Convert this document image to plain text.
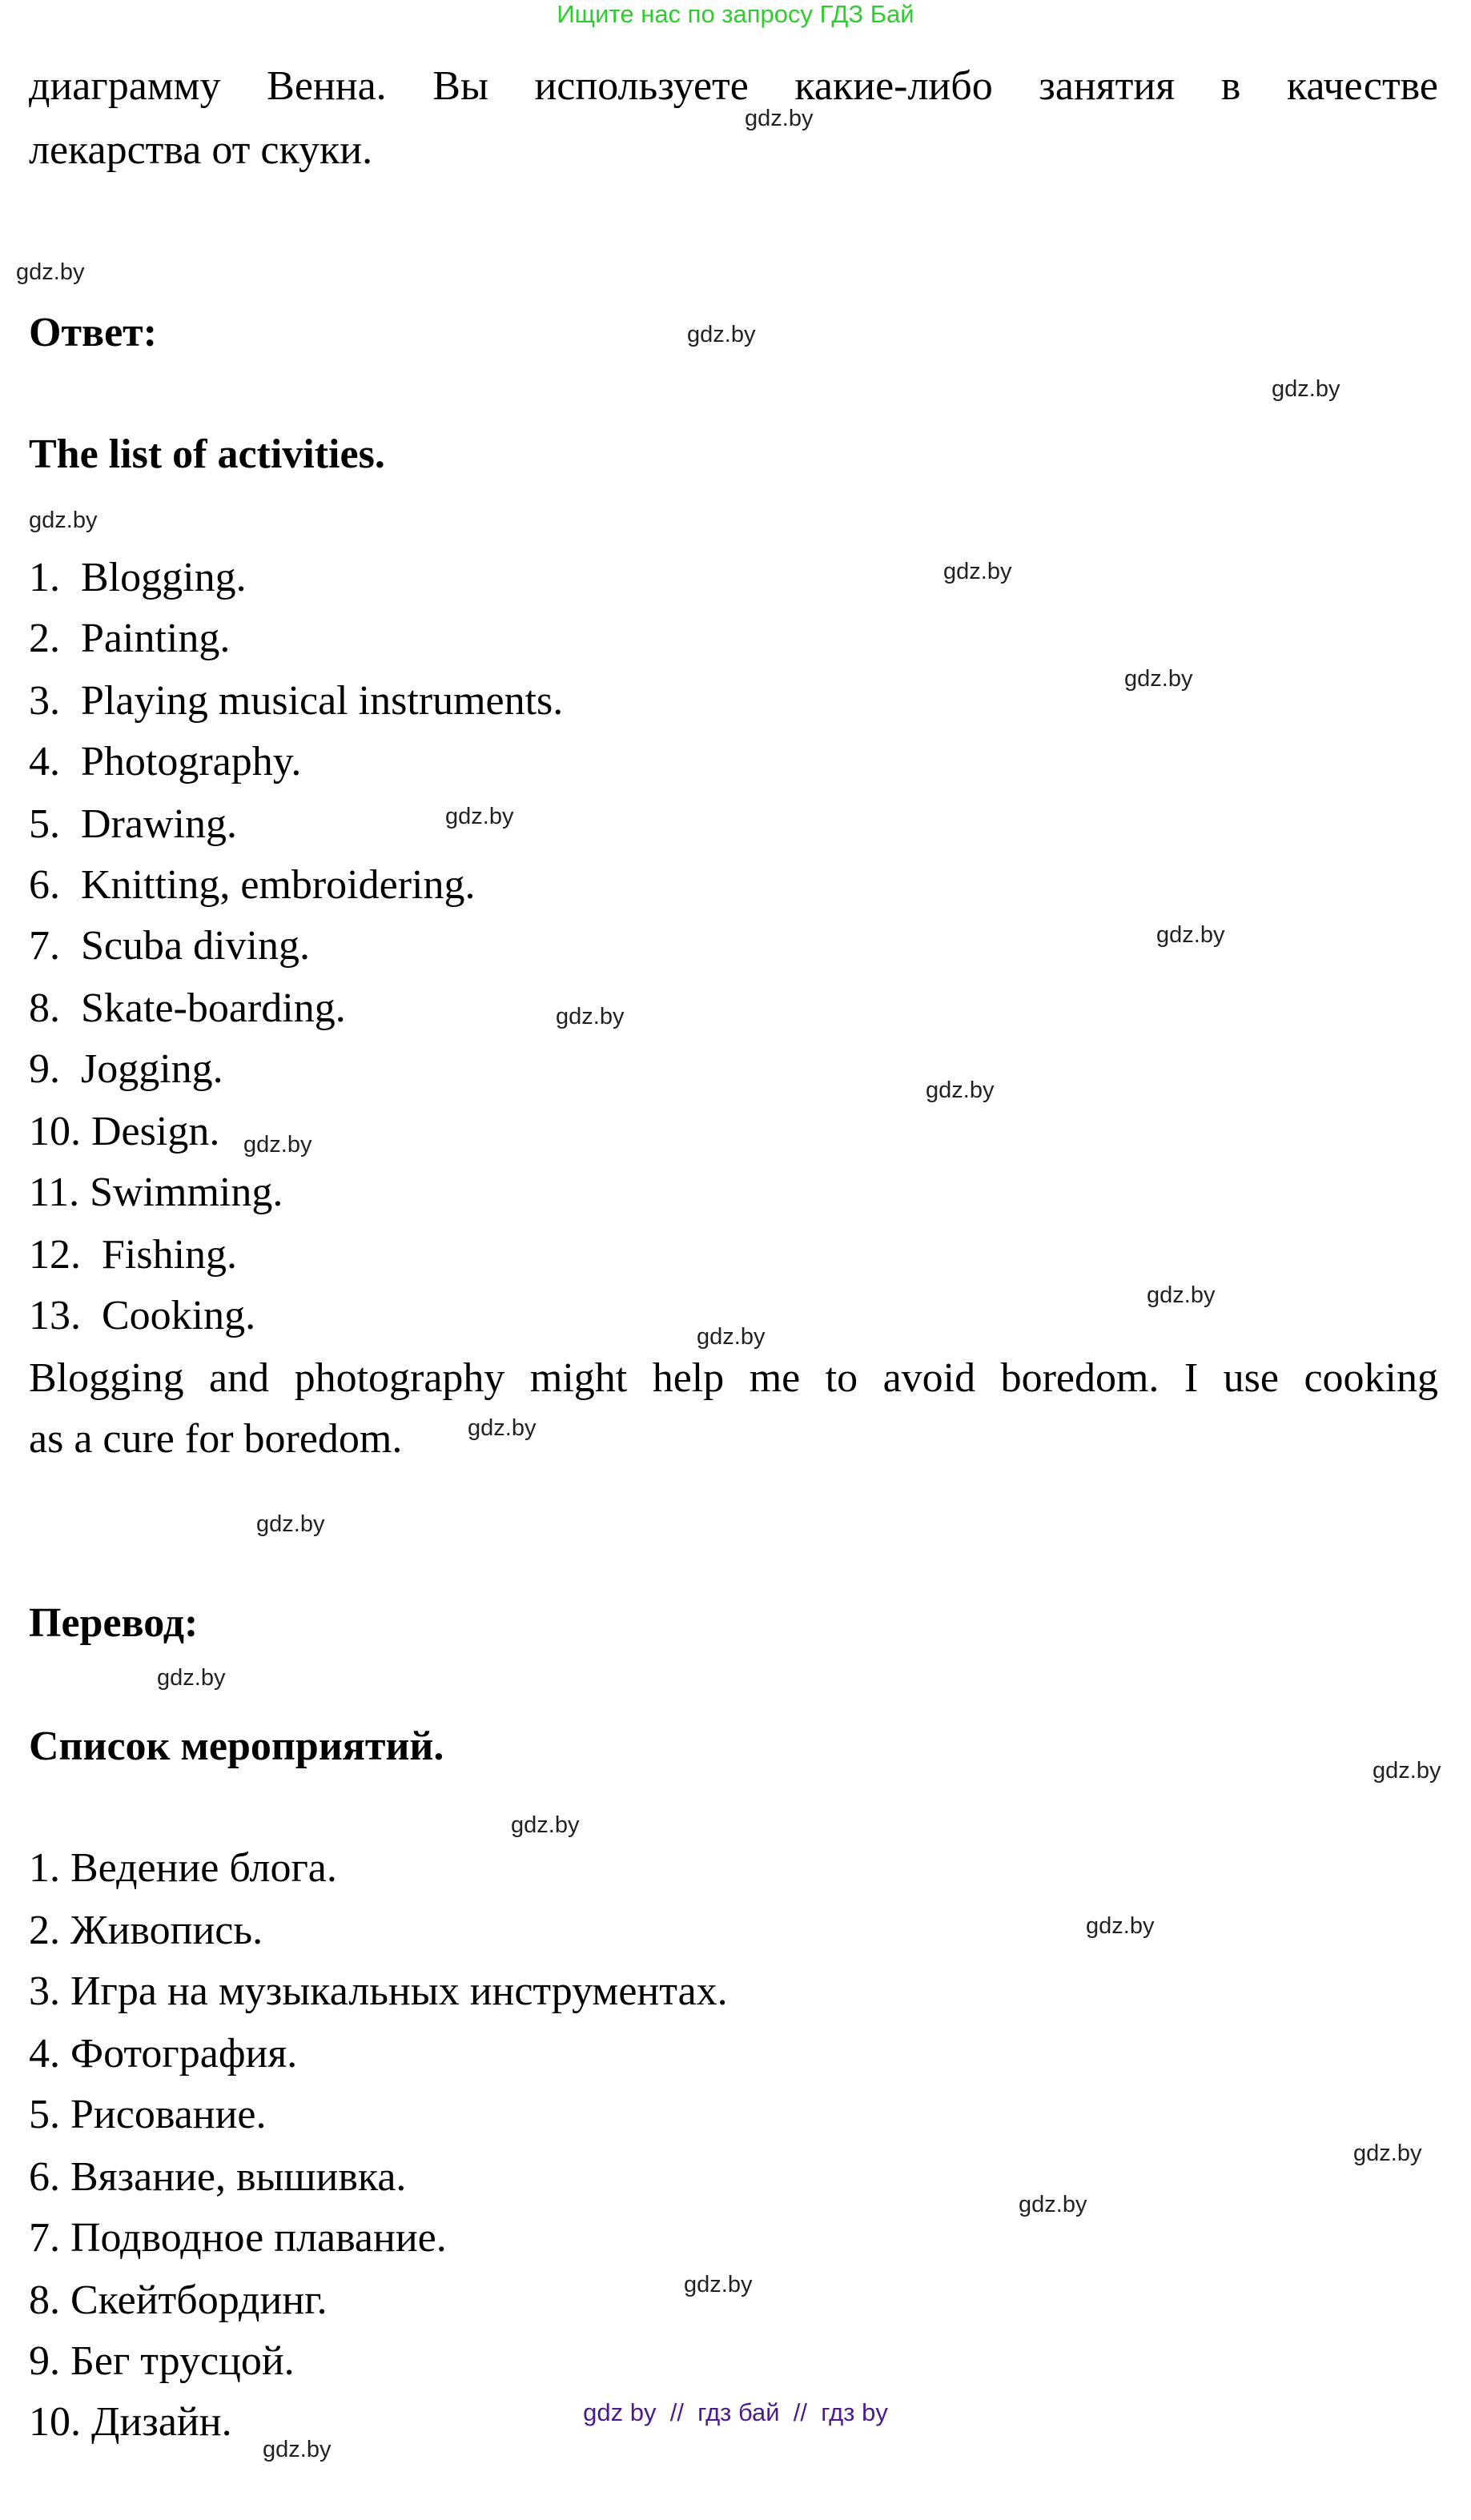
Ищите нас по запросу ГДЗ Бай
диаграмму Венна. Вы используете какие-либо занятия в качестве
лекарства от скуки.
Ответ:
The list of activities.
1.  Blogging.
2.  Painting.
3.  Playing musical instruments.
4.  Photography.
5.  Drawing.
6.  Knitting, embroidering.
7.  Scuba diving.
8.  Skate-boarding.
9.  Jogging.
10. Design.
11. Swimming.
12.  Fishing.
13.  Cooking.
Blogging and photography might help me to avoid boredom. I use cooking
as a cure for boredom.
Перевод:
Список мероприятий.
1. Ведение блога.
2. Живопись.
3. Игра на музыкальных инструментах.
4. Фотография.
5. Рисование.
6. Вязание, вышивка.
7. Подводное плавание.
8. Скейтбординг.
9. Бег трусцой.
10. Дизайн.
gdz.by
gdz.by
gdz.by
gdz.by
gdz.by
gdz.by
gdz.by
gdz.by
gdz.by
gdz.by
gdz.by
gdz.by
gdz.by
gdz.by
gdz.by
gdz.by
gdz.by
gdz.by
gdz.by
gdz.by
gdz.by
gdz.by
gdz.by
gdz.by
gdz by  //  гдз бай  //  гдз by
